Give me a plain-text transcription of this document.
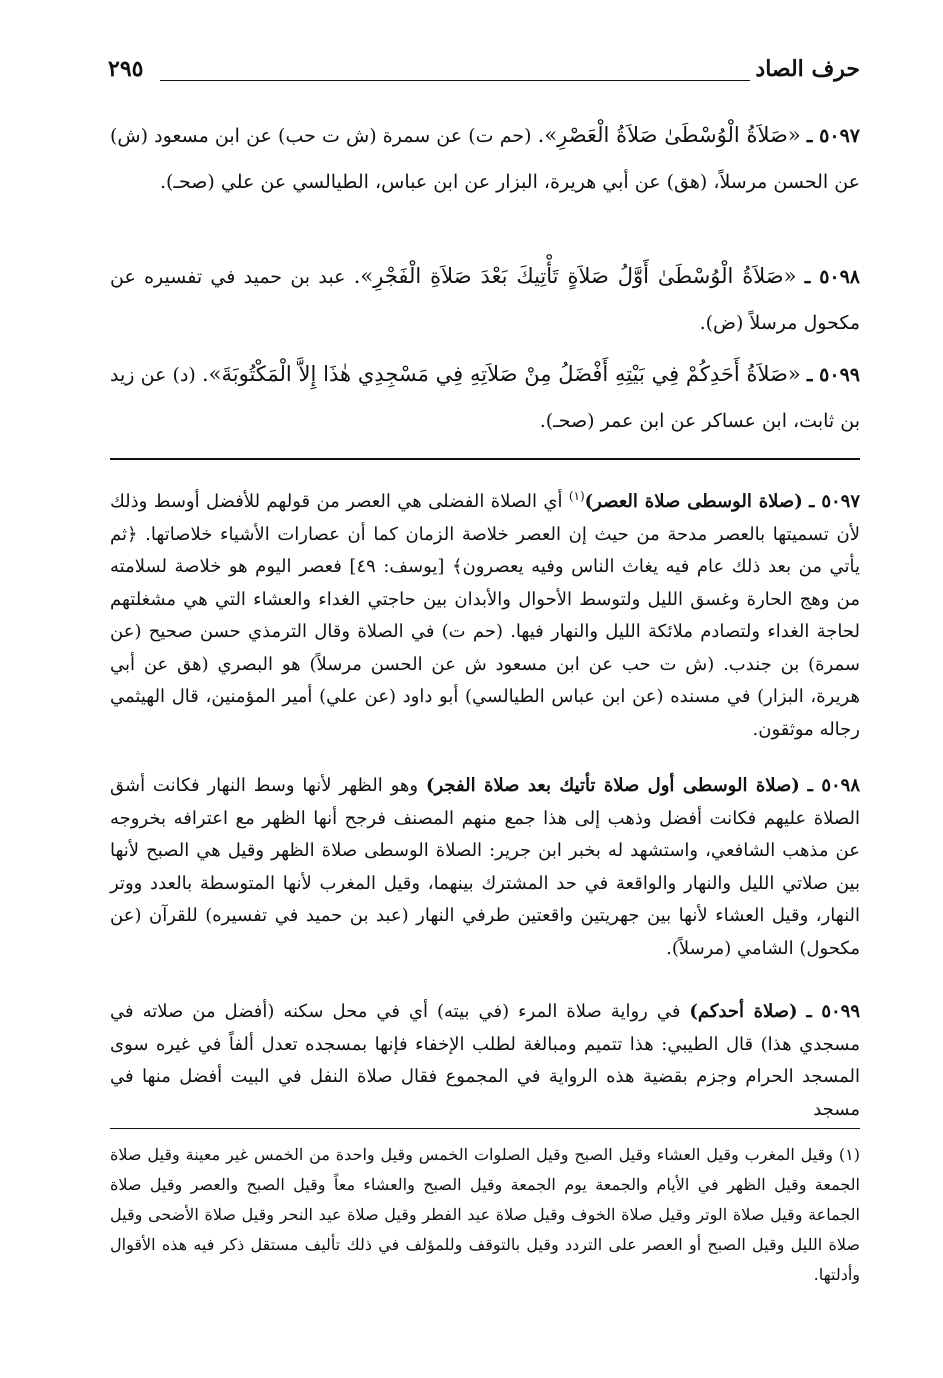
حرف الصاد
٢٩٥
٥٠٩٧ ـ «صَلاَةُ الْوُسْطَىٰ صَلاَةُ الْعَصْرِ». (حم ت) عن سمرة (ش ت حب) عن ابن مسعود (ش) عن الحسن مرسلاً، (هق) عن أبي هريرة، البزار عن ابن عباس، الطيالسي عن علي (صحـ).
٥٠٩٨ ـ «صَلاَةُ الْوُسْطَىٰ أَوَّلُ صَلاَةٍ تَأْتِيكَ بَعْدَ صَلاَةِ الْفَجْرِ». عبد بن حميد في تفسيره عن مكحول مرسلاً (ض).
٥٠٩٩ ـ «صَلاَةُ أَحَدِكُمْ فِي بَيْتِهِ أَفْضَلُ مِنْ صَلاَتِهِ فِي مَسْجِدِي هٰذَا إِلاَّ الْمَكْتُوبَةَ». (د) عن زيد بن ثابت، ابن عساكر عن ابن عمر (صحـ).
٥٠٩٧ ـ (صلاة الوسطى صلاة العصر)$^{(١)}$ أي الصلاة الفضلى هي العصر من قولهم للأفضل أوسط وذلك لأن تسميتها بالعصر مدحة من حيث إن العصر خلاصة الزمان كما أن عصارات الأشياء خلاصاتها. ﴿ثم يأتي من بعد ذلك عام فيه يغاث الناس وفيه يعصرون﴾ [يوسف: ٤٩] فعصر اليوم هو خلاصة لسلامته من وهج الحارة وغسق الليل ولتوسط الأحوال والأبدان بين حاجتي الغداء والعشاء التي هي مشغلتهم لحاجة الغداء ولتصادم ملائكة الليل والنهار فيها. (حم ت) في الصلاة وقال الترمذي حسن صحيح (عن سمرة) بن جندب. (ش ت حب عن ابن مسعود ش عن الحسن مرسلاً) هو البصري (هق عن أبي هريرة، البزار) في مسنده (عن ابن عباس الطيالسي) أبو داود (عن علي) أمير المؤمنين، قال الهيثمي رجاله موثقون.
٥٠٩٨ ـ (صلاة الوسطى أول صلاة تأتيك بعد صلاة الفجر) وهو الظهر لأنها وسط النهار فكانت أشق الصلاة عليهم فكانت أفضل وذهب إلى هذا جمع منهم المصنف فرجح أنها الظهر مع اعترافه بخروجه عن مذهب الشافعي، واستشهد له بخبر ابن جرير: الصلاة الوسطى صلاة الظهر وقيل هي الصبح لأنها بين صلاتي الليل والنهار والواقعة في حد المشترك بينهما، وقيل المغرب لأنها المتوسطة بالعدد ووتر النهار، وقيل العشاء لأنها بين جهريتين واقعتين طرفي النهار (عبد بن حميد في تفسيره) للقرآن (عن مكحول) الشامي (مرسلاً).
٥٠٩٩ ـ (صلاة أحدكم) في رواية صلاة المرء (في بيته) أي في محل سكنه (أفضل من صلاته في مسجدي هذا) قال الطيبي: هذا تتميم ومبالغة لطلب الإخفاء فإنها بمسجده تعدل ألفاً في غيره سوى المسجد الحرام وجزم بقضية هذه الرواية في المجموع فقال صلاة النفل في البيت أفضل منها في مسجد
(١) وقيل المغرب وقيل العشاء وقيل الصبح وقيل الصلوات الخمس وقيل واحدة من الخمس غير معينة وقيل صلاة الجمعة وقيل الظهر في الأيام والجمعة يوم الجمعة وقيل الصبح والعشاء معاً وقيل الصبح والعصر وقيل صلاة الجماعة وقيل صلاة الوتر وقيل صلاة الخوف وقيل صلاة عيد الفطر وقيل صلاة عيد النحر وقيل صلاة الأضحى وقيل صلاة الليل وقيل الصبح أو العصر على التردد وقيل بالتوقف وللمؤلف في ذلك تأليف مستقل ذكر فيه هذه الأقوال وأدلتها.
